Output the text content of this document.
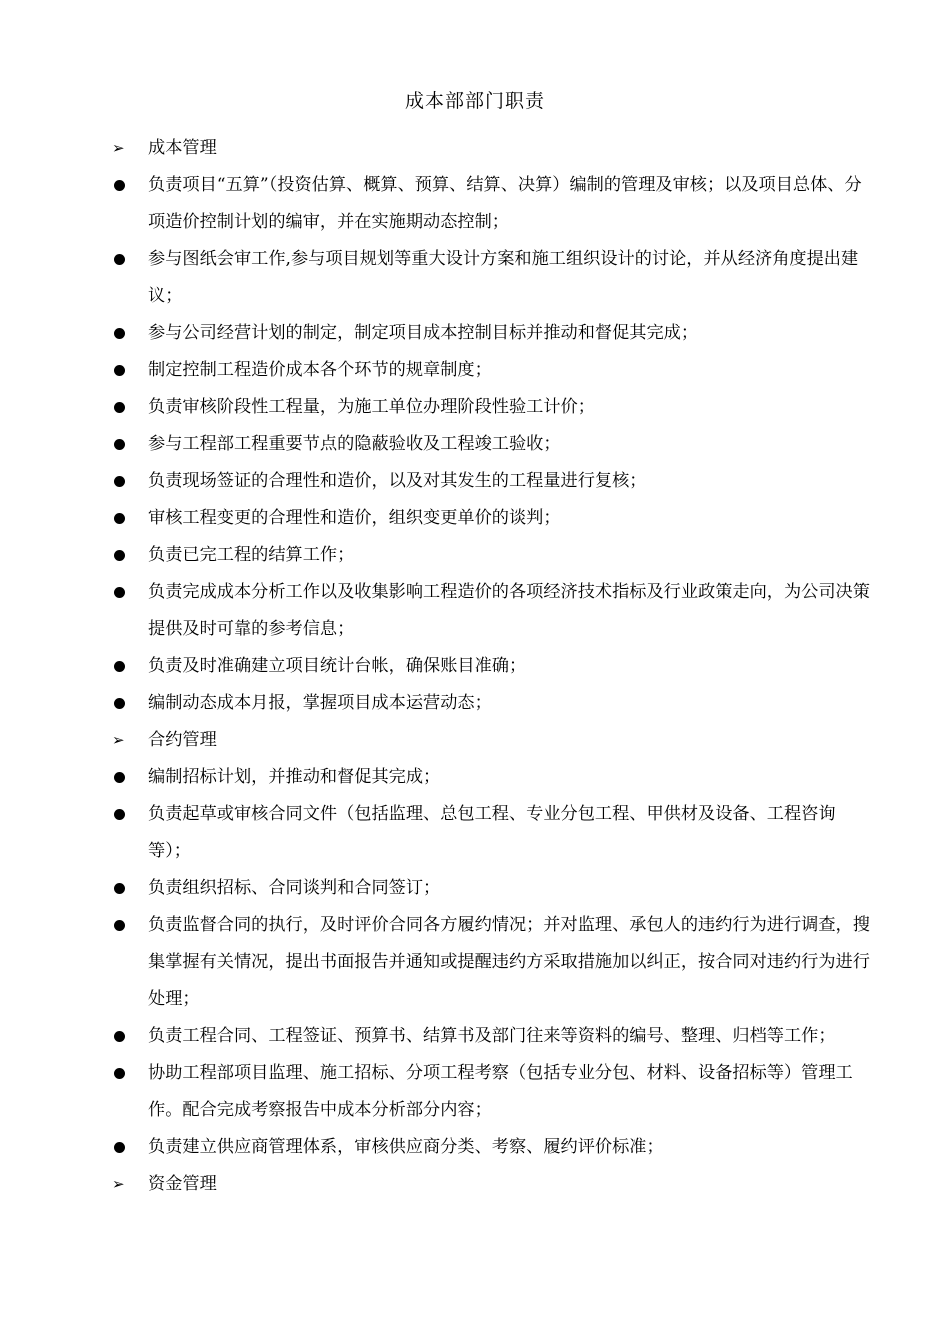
成本部部门职责
➢	成本管理
负责项目“五算”（投资估算、概算、预算、结算、决算）编制的管理及审核；以及项目总体、分项造价控制计划的编审，并在实施期动态控制；
参与图纸会审工作,参与项目规划等重大设计方案和施工组织设计的讨论，并从经济角度提出建议；
参与公司经营计划的制定，制定项目成本控制目标并推动和督促其完成；
制定控制工程造价成本各个环节的规章制度；
负责审核阶段性工程量，为施工单位办理阶段性验工计价；
参与工程部工程重要节点的隐蔽验收及工程竣工验收；
负责现场签证的合理性和造价，以及对其发生的工程量进行复核；
审核工程变更的合理性和造价，组织变更单价的谈判；
负责已完工程的结算工作；
负责完成成本分析工作以及收集影响工程造价的各项经济技术指标及行业政策走向，为公司决策提供及时可靠的参考信息；
负责及时准确建立项目统计台帐，确保账目准确；
编制动态成本月报，掌握项目成本运营动态；
➢	合约管理
编制招标计划，并推动和督促其完成；
负责起草或审核合同文件（包括监理、总包工程、专业分包工程、甲供材及设备、工程咨询等）；
负责组织招标、合同谈判和合同签订；
负责监督合同的执行，及时评价合同各方履约情况；并对监理、承包人的违约行为进行调查，搜集掌握有关情况，提出书面报告并通知或提醒违约方采取措施加以纠正，按合同对违约行为进行处理；
负责工程合同、工程签证、预算书、结算书及部门往来等资料的编号、整理、归档等工作；
协助工程部项目监理、施工招标、分项工程考察（包括专业分包、材料、设备招标等）管理工作。配合完成考察报告中成本分析部分内容；
负责建立供应商管理体系，审核供应商分类、考察、履约评价标准；
➢	资金管理
